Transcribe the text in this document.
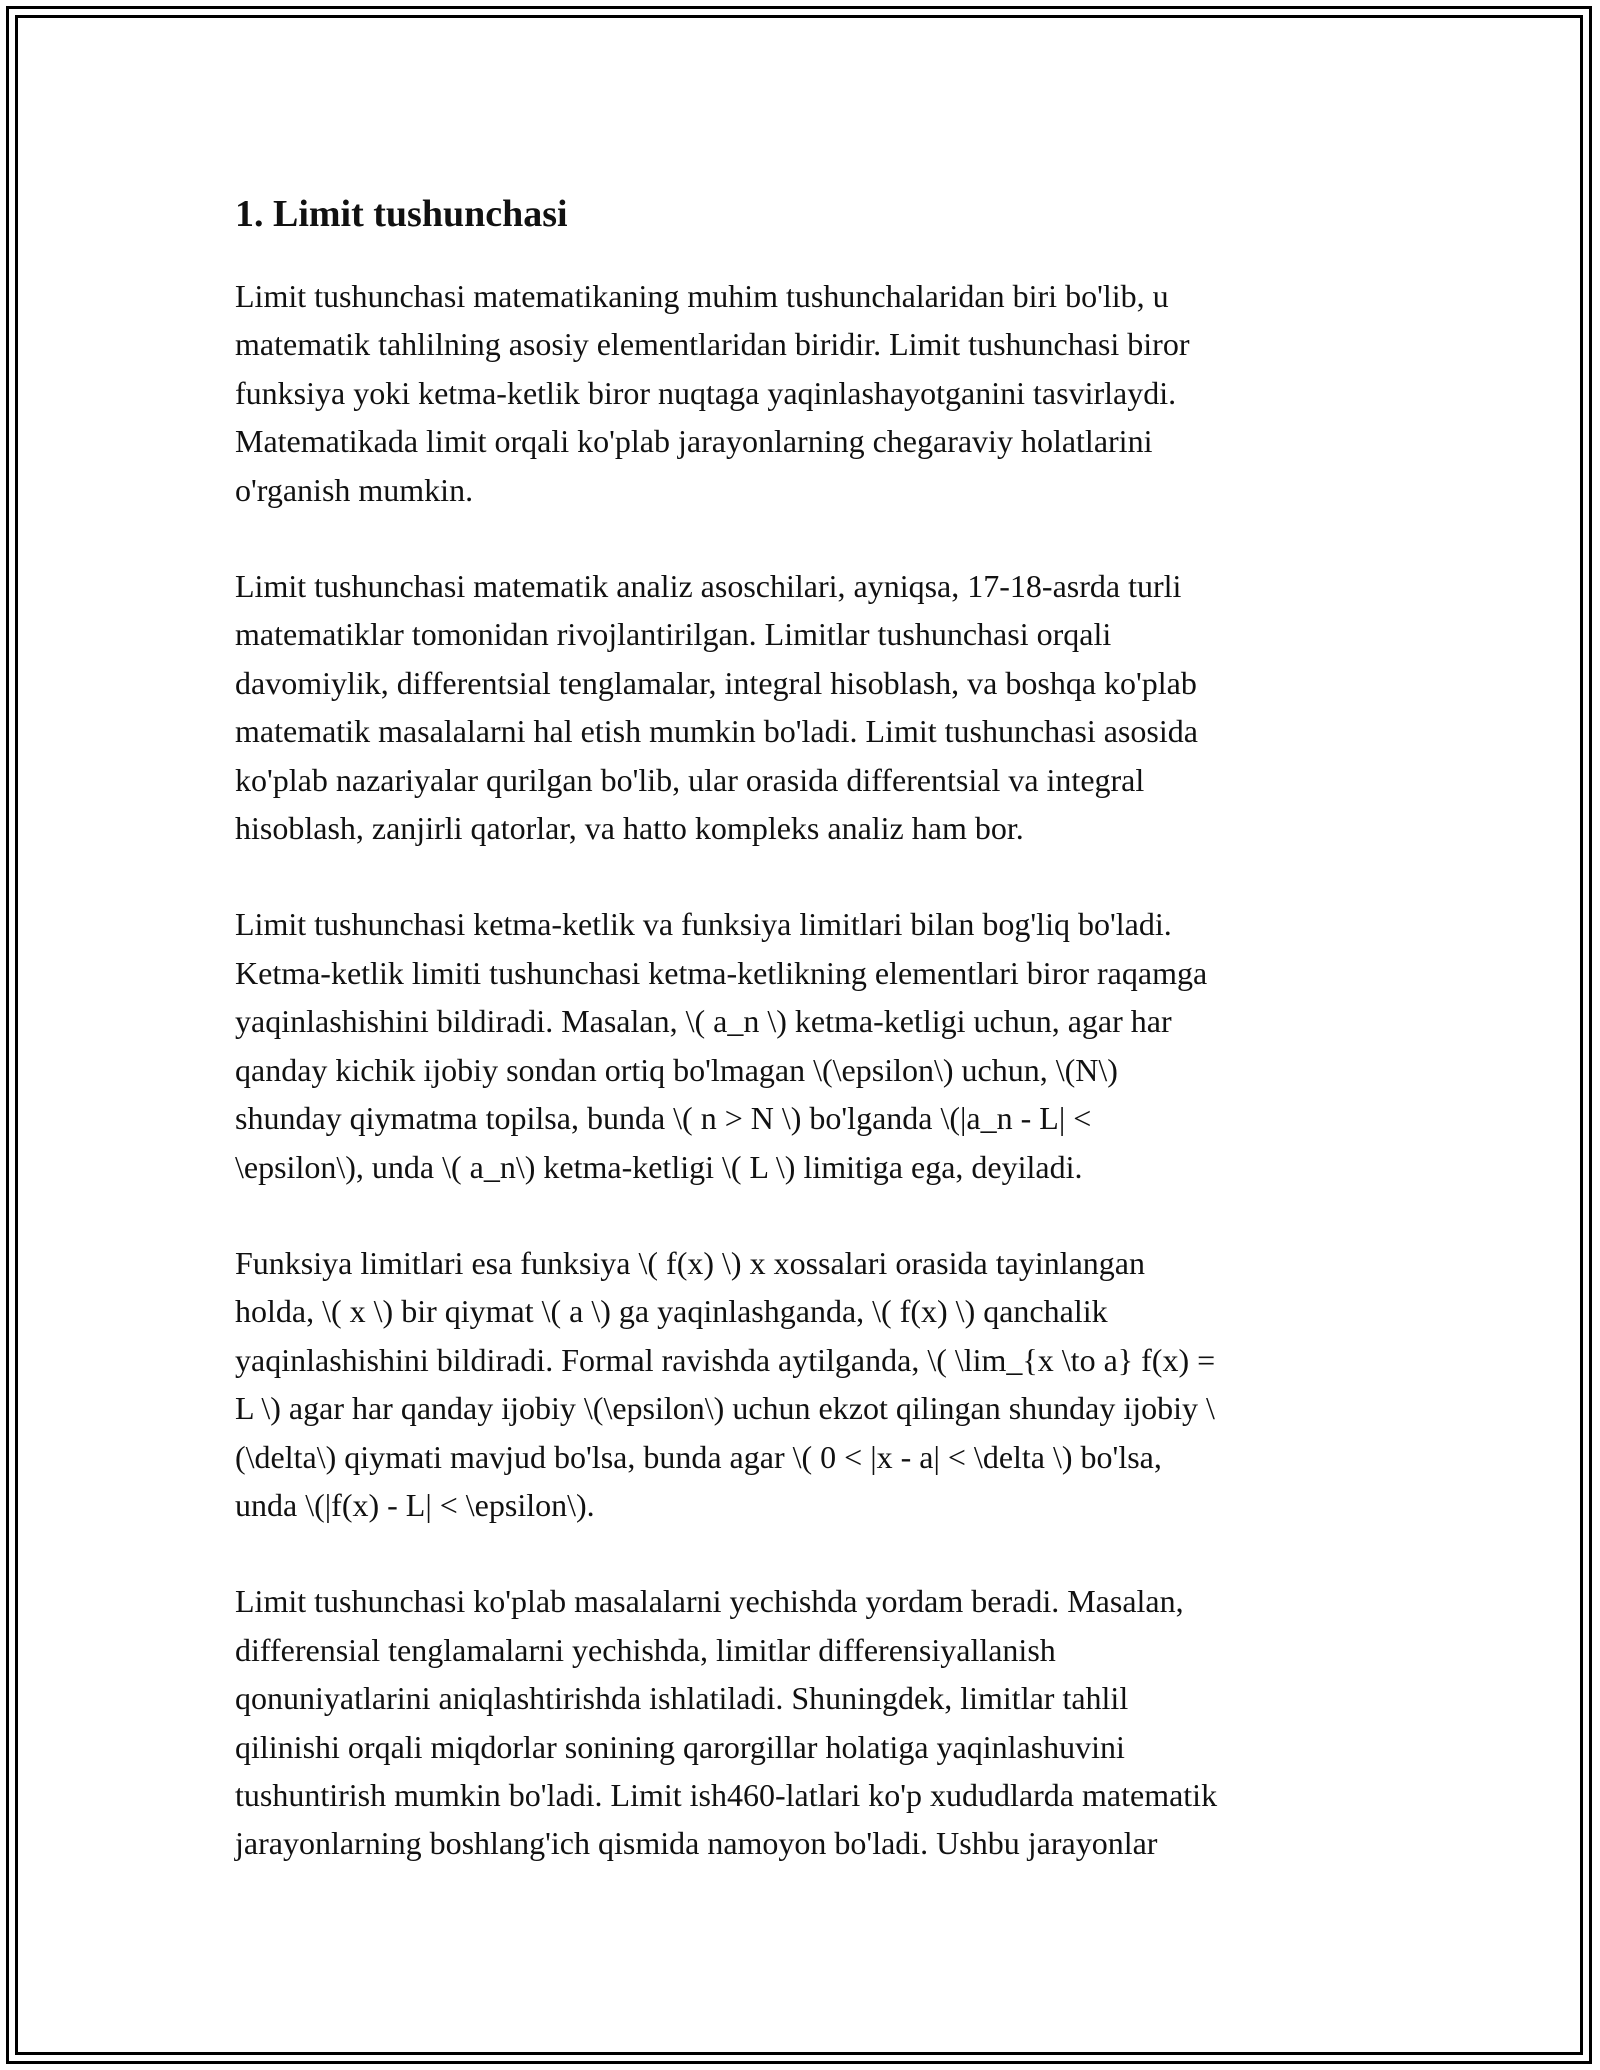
1. Limit tushunchasi

Limit tushunchasi matematikaning muhim tushunchalaridan biri bo'lib, u
matematik tahlilning asosiy elementlaridan biridir. Limit tushunchasi biror
funksiya yoki ketma-ketlik biror nuqtaga yaqinlashayotganini tasvirlaydi.
Matematikada limit orqali ko'plab jarayonlarning chegaraviy holatlarini
o'rganish mumkin.

Limit tushunchasi matematik analiz asoschilari, ayniqsa, 17-18-asrda turli
matematiklar tomonidan rivojlantirilgan. Limitlar tushunchasi orqali
davomiylik, differentsial tenglamalar, integral hisoblash, va boshqa ko'plab
matematik masalalarni hal etish mumkin bo'ladi. Limit tushunchasi asosida
ko'plab nazariyalar qurilgan bo'lib, ular orasida differentsial va integral
hisoblash, zanjirli qatorlar, va hatto kompleks analiz ham bor.

Limit tushunchasi ketma-ketlik va funksiya limitlari bilan bog'liq bo'ladi.
Ketma-ketlik limiti tushunchasi ketma-ketlikning elementlari biror raqamga
yaqinlashishini bildiradi. Masalan, \( a_n \) ketma-ketligi uchun, agar har
qanday kichik ijobiy sondan ortiq bo'lmagan \(\epsilon\) uchun, \(N\)
shunday qiymatma topilsa, bunda \( n > N \) bo'lganda \(|a_n - L| <
\epsilon\), unda \( a_n\) ketma-ketligi \( L \) limitiga ega, deyiladi.

Funksiya limitlari esa funksiya \( f(x) \) x xossalari orasida tayinlangan
holda, \( x \) bir qiymat \( a \) ga yaqinlashganda, \( f(x) \) qanchalik
yaqinlashishini bildiradi. Formal ravishda aytilganda, \( \lim_{x \to a} f(x) =
L \) agar har qanday ijobiy \(\epsilon\) uchun ekzot qilingan shunday ijobiy \
(\delta\) qiymati mavjud bo'lsa, bunda agar \( 0 < |x - a| < \delta \) bo'lsa,
unda \(|f(x) - L| < \epsilon\).

Limit tushunchasi ko'plab masalalarni yechishda yordam beradi. Masalan,
differensial tenglamalarni yechishda, limitlar differensiyallanish
qonuniyatlarini aniqlashtirishda ishlatiladi. Shuningdek, limitlar tahlil
qilinishi orqali miqdorlar sonining qarorgillar holatiga yaqinlashuvini
tushuntirish mumkin bo'ladi. Limit ish460-latlari ko'p xududlarda matematik
jarayonlarning boshlang'ich qismida namoyon bo'ladi. Ushbu jarayonlar
